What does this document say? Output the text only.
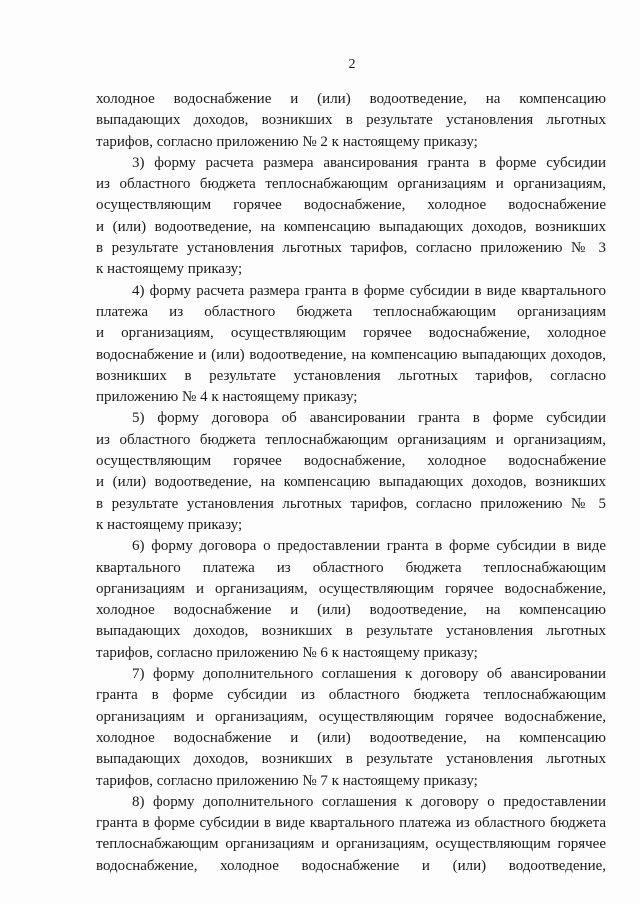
2
холодное водоснабжение и (или) водоотведение, на компенсацию
выпадающих доходов, возникших в результате установления льготных
тарифов, согласно приложению № 2 к настоящему приказу;
3) форму расчета размера авансирования гранта в форме субсидии
из областного бюджета теплоснабжающим организациям и организациям,
осуществляющим горячее водоснабжение, холодное водоснабжение
и (или) водоотведение, на компенсацию выпадающих доходов, возникших
в результате установления льготных тарифов, согласно приложению № 3
к настоящему приказу;
4) форму расчета размера гранта в форме субсидии в виде квартального
платежа из областного бюджета теплоснабжающим организациям
и организациям, осуществляющим горячее водоснабжение, холодное
водоснабжение и (или) водоотведение, на компенсацию выпадающих доходов,
возникших в результате установления льготных тарифов, согласно
приложению № 4 к настоящему приказу;
5) форму договора об авансировании гранта в форме субсидии
из областного бюджета теплоснабжающим организациям и организациям,
осуществляющим горячее водоснабжение, холодное водоснабжение
и (или) водоотведение, на компенсацию выпадающих доходов, возникших
в результате установления льготных тарифов, согласно приложению № 5
к настоящему приказу;
6) форму договора о предоставлении гранта в форме субсидии в виде
квартального платежа из областного бюджета теплоснабжающим
организациям и организациям, осуществляющим горячее водоснабжение,
холодное водоснабжение и (или) водоотведение, на компенсацию
выпадающих доходов, возникших в результате установления льготных
тарифов, согласно приложению № 6 к настоящему приказу;
7) форму дополнительного соглашения к договору об авансировании
гранта в форме субсидии из областного бюджета теплоснабжающим
организациям и организациям, осуществляющим горячее водоснабжение,
холодное водоснабжение и (или) водоотведение, на компенсацию
выпадающих доходов, возникших в результате установления льготных
тарифов, согласно приложению № 7 к настоящему приказу;
8) форму дополнительного соглашения к договору о предоставлении
гранта в форме субсидии в виде квартального платежа из областного бюджета
теплоснабжающим организациям и организациям, осуществляющим горячее
водоснабжение, холодное водоснабжение и (или) водоотведение,
